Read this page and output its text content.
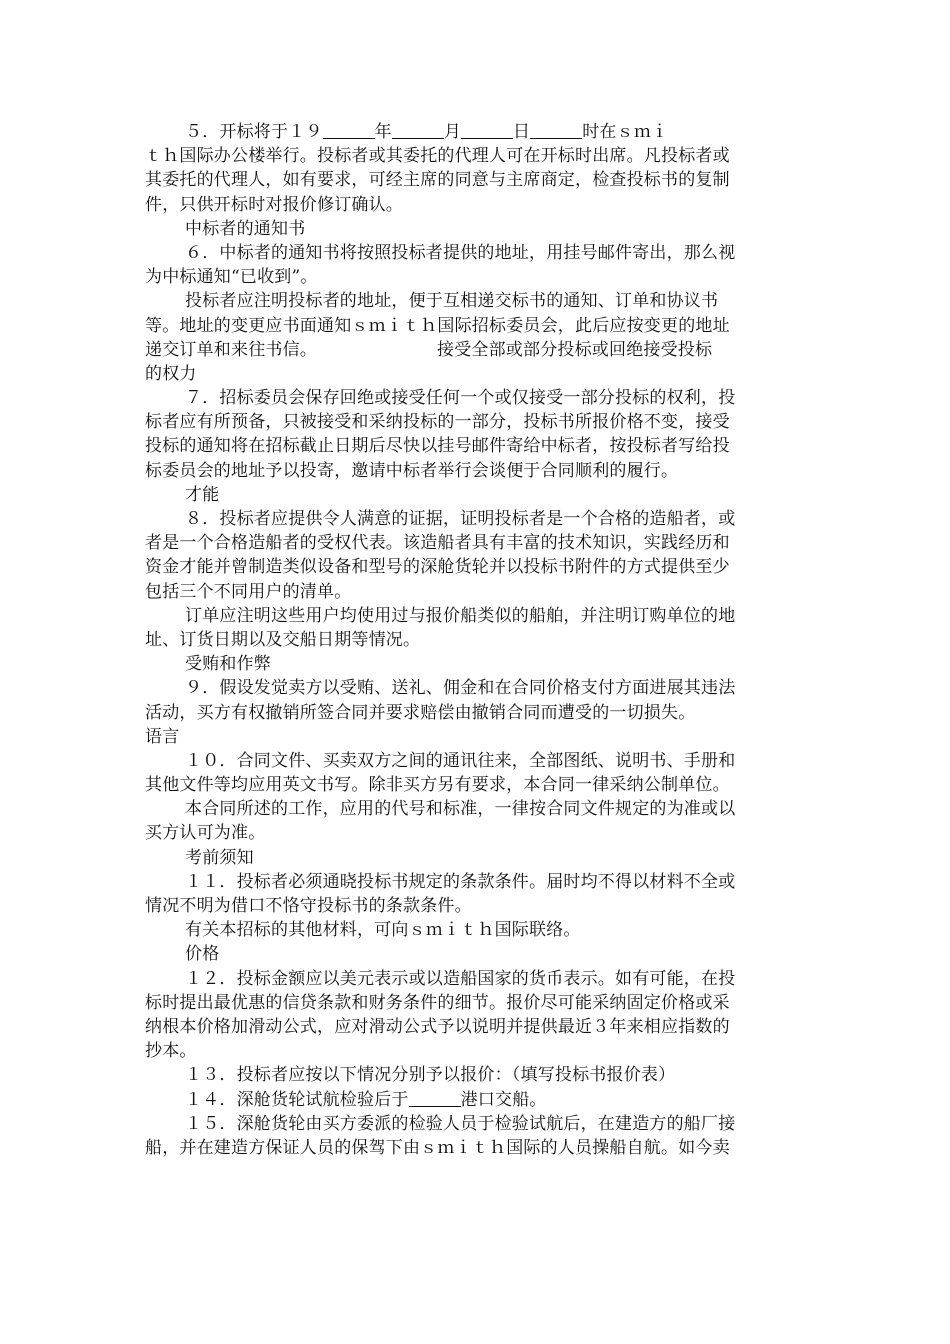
５．开标将于１９	年	月	日	时在ｓｍｉ
ｔｈ国际办公楼举行。投标者或其委托的代理人可在开标时出席。凡投标者或
其委托的代理人，如有要求，可经主席的同意与主席商定，检查投标书的复制
件，只供开标时对报价修订确认。
中标者的通知书
６．中标者的通知书将按照投标者提供的地址，用挂号邮件寄出，那么视
为中标通知“已收到”。
投标者应注明投标者的地址，便于互相递交标书的通知、订单和协议书
等。地址的变更应书面通知ｓｍｉｔｈ国际招标委员会，此后应按变更的地址
递交订单和来往书信。	接受全部或部分投标或回绝接受投标
的权力
７．招标委员会保存回绝或接受任何一个或仅接受一部分投标的权利，投
标者应有所预备，只被接受和采纳投标的一部分，投标书所报价格不变，接受
投标的通知将在招标截止日期后尽快以挂号邮件寄给中标者，按投标者写给投
标委员会的地址予以投寄，邀请中标者举行会谈便于合同顺利的履行。
才能
８．投标者应提供令人满意的证据，证明投标者是一个合格的造船者，或
者是一个合格造船者的受权代表。该造船者具有丰富的技术知识，实践经历和
资金才能并曾制造类似设备和型号的深舱货轮并以投标书附件的方式提供至少
包括三个不同用户的清单。
订单应注明这些用户均使用过与报价船类似的船舶，并注明订购单位的地
址、订货日期以及交船日期等情况。
受贿和作弊
９．假设发觉卖方以受贿、送礼、佣金和在合同价格支付方面进展其违法
活动，买方有权撤销所签合同并要求赔偿由撤销合同而遭受的一切损失。
语言
１０．合同文件、买卖双方之间的通讯往来，全部图纸、说明书、手册和
其他文件等均应用英文书写。除非买方另有要求，本合同一律采纳公制单位。
本合同所述的工作，应用的代号和标准，一律按合同文件规定的为准或以
买方认可为准。
考前须知
１１．投标者必须通晓投标书规定的条款条件。届时均不得以材料不全或
情况不明为借口不恪守投标书的条款条件。
有关本招标的其他材料，可向ｓｍｉｔｈ国际联络。
价格
１２．投标金额应以美元表示或以造船国家的货币表示。如有可能，在投
标时提出最优惠的信贷条款和财务条件的细节。报价尽可能采纳固定价格或采
纳根本价格加滑动公式，应对滑动公式予以说明并提供最近３年来相应指数的
抄本。
１３．投标者应按以下情况分别予以报价：（填写投标书报价表）
１４．深舱货轮试航检验后于	港口交船。
１５．深舱货轮由买方委派的检验人员于检验试航后，在建造方的船厂接
船，并在建造方保证人员的保驾下由ｓｍｉｔｈ国际的人员操船自航。如今卖
